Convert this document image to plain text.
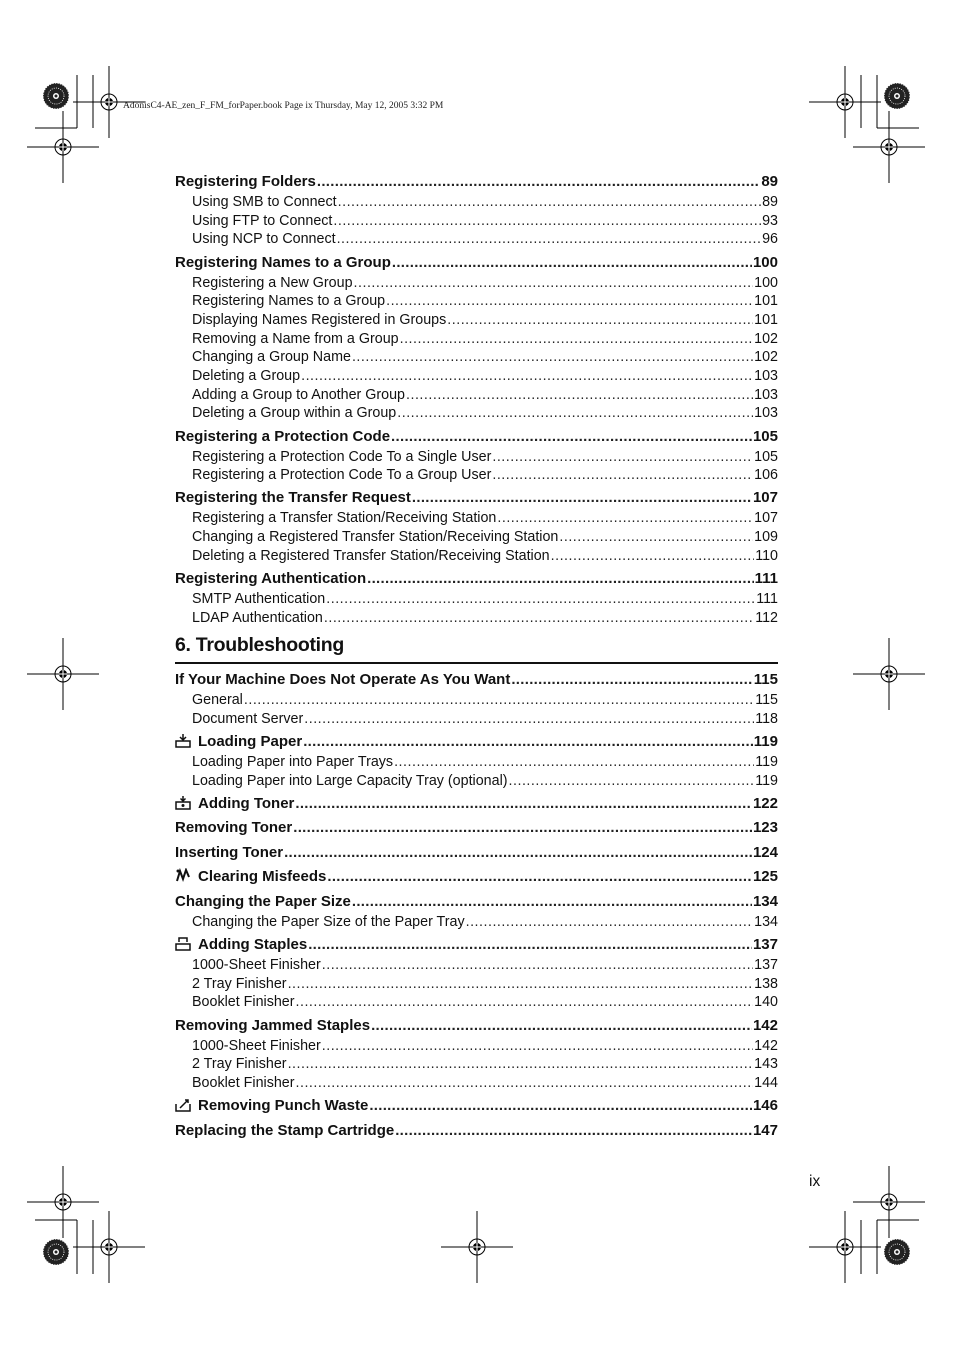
AdonisC4-AE_zen_F_FM_forPaper.book Page ix Thursday, May 12, 2005 3:32 PM
Registering Folders .....	89
Using SMB to Connect .....	89
Using FTP to Connect .....	93
Using NCP to Connect .....	96
Registering Names to a Group .....	100
Registering a New Group .....	100
Registering Names to a Group .....	101
Displaying Names Registered in Groups .....	101
Removing a Name from a Group .....	102
Changing a Group Name .....	102
Deleting a Group .....	103
Adding a Group to Another Group .....	103
Deleting a Group within a Group .....	103
Registering a Protection Code .....	105
Registering a Protection Code To a Single User .....	105
Registering a Protection Code To a Group User .....	106
Registering the Transfer Request .....	107
Registering a Transfer Station/Receiving Station .....	107
Changing a Registered Transfer Station/Receiving Station .....	109
Deleting a Registered Transfer Station/Receiving Station .....	110
Registering Authentication .....	111
SMTP Authentication .....	111
LDAP Authentication .....	112
6. Troubleshooting
If Your Machine Does Not Operate As You Want .....	115
General .....	115
Document Server .....	118
Loading Paper .....	119
Loading Paper into Paper Trays .....	119
Loading Paper into Large Capacity Tray (optional) .....	119
Adding Toner .....	122
Removing Toner .....	123
Inserting Toner .....	124
Clearing Misfeeds .....	125
Changing the Paper Size .....	134
Changing the Paper Size of the Paper Tray .....	134
Adding Staples .....	137
1000-Sheet Finisher .....	137
2 Tray Finisher .....	138
Booklet Finisher .....	140
Removing Jammed Staples .....	142
1000-Sheet Finisher .....	142
2 Tray Finisher .....	143
Booklet Finisher .....	144
Removing Punch Waste .....	146
Replacing the Stamp Cartridge .....	147
ix
